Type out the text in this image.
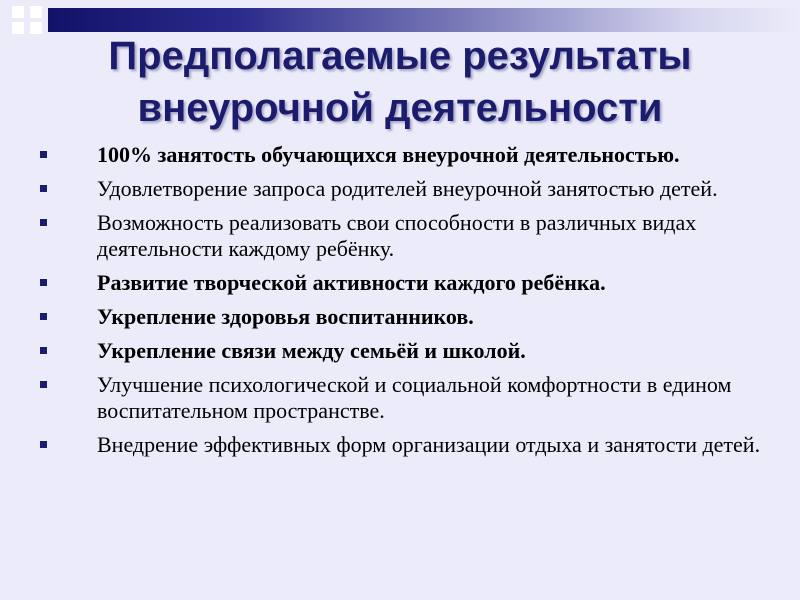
Предполагаемые результаты
внеурочной деятельности
100% занятость обучающихся внеурочной деятельностью.
Удовлетворение запроса родителей внеурочной занятостью детей.
Возможность реализовать свои способности в различных видах деятельности каждому ребёнку.
Развитие творческой активности каждого ребёнка.
Укрепление здоровья воспитанников.
Укрепление связи между семьёй и школой.
Улучшение психологической и социальной комфортности в едином воспитательном пространстве.
Внедрение эффективных форм организации отдыха и занятости детей.
